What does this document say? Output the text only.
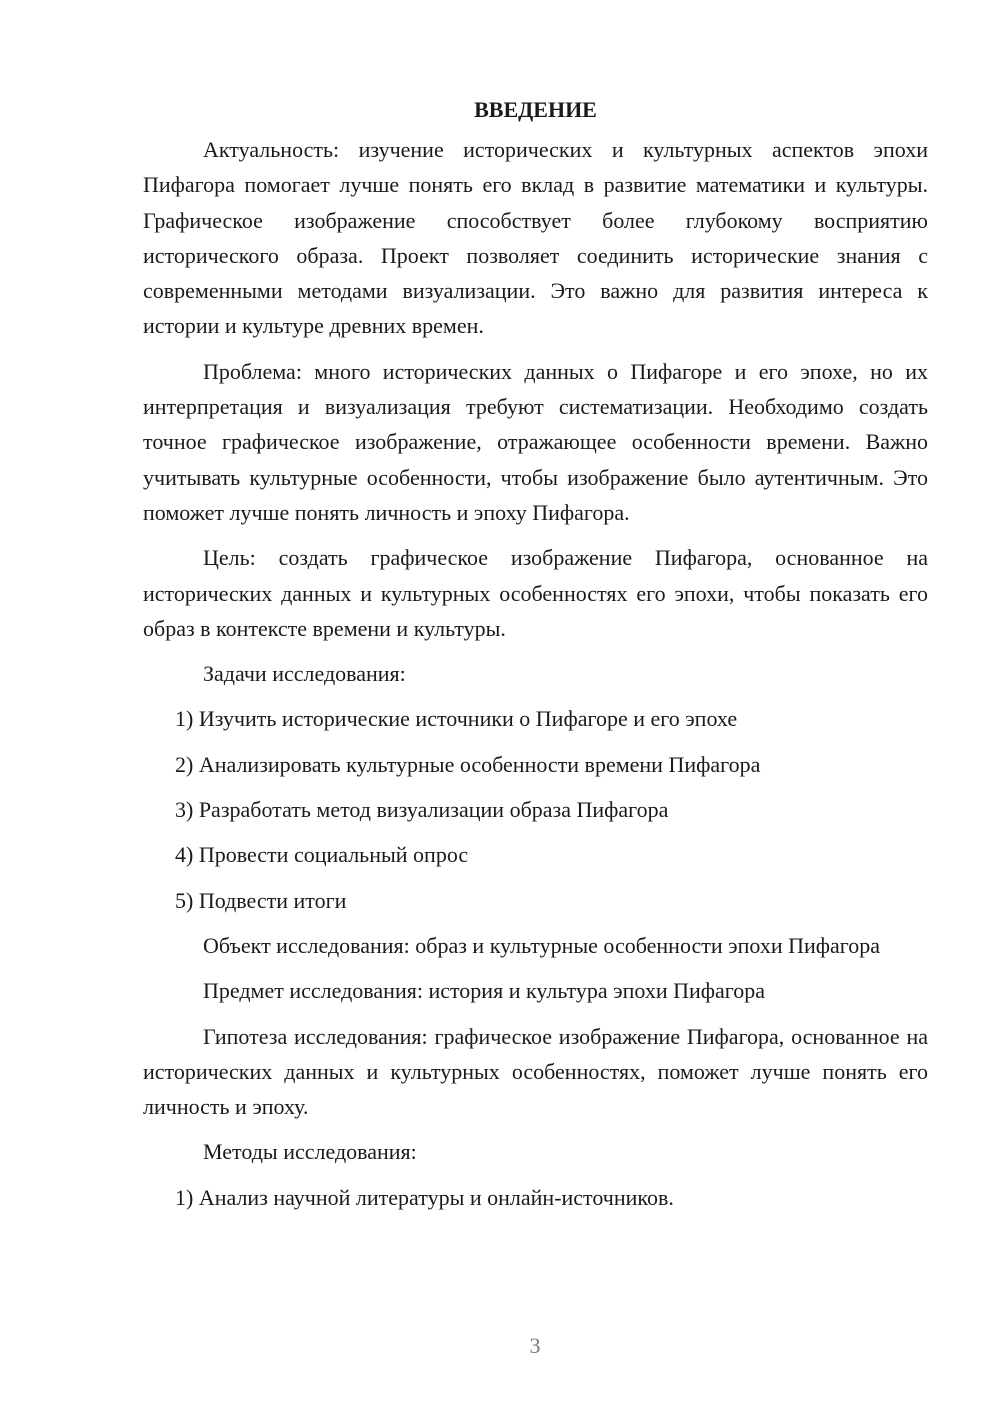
ВВЕДЕНИЕ

Актуальность: изучение исторических и культурных аспектов эпохи Пифагора помогает лучше понять его вклад в развитие математики и культуры. Графическое изображение способствует более глубокому восприятию исторического образа. Проект позволяет соединить исторические знания с современными методами визуализации. Это важно для развития интереса к истории и культуре древних времен.

Проблема: много исторических данных о Пифагоре и его эпохе, но их интерпретация и визуализация требуют систематизации. Необходимо создать точное графическое изображение, отражающее особенности времени. Важно учитывать культурные особенности, чтобы изображение было аутентичным. Это поможет лучше понять личность и эпоху Пифагора.

Цель: создать графическое изображение Пифагора, основанное на исторических данных и культурных особенностях его эпохи, чтобы показать его образ в контексте времени и культуры.

Задачи исследования:
1) Изучить исторические источники о Пифагоре и его эпохе
2) Анализировать культурные особенности времени Пифагора
3) Разработать метод визуализации образа Пифагора
4) Провести социальный опрос
5) Подвести итоги

Объект исследования: образ и культурные особенности эпохи Пифагора

Предмет исследования: история и культура эпохи Пифагора

Гипотеза исследования: графическое изображение Пифагора, основанное на исторических данных и культурных особенностях, поможет лучше понять его личность и эпоху.

Методы исследования:
1) Анализ научной литературы и онлайн-источников.
3
